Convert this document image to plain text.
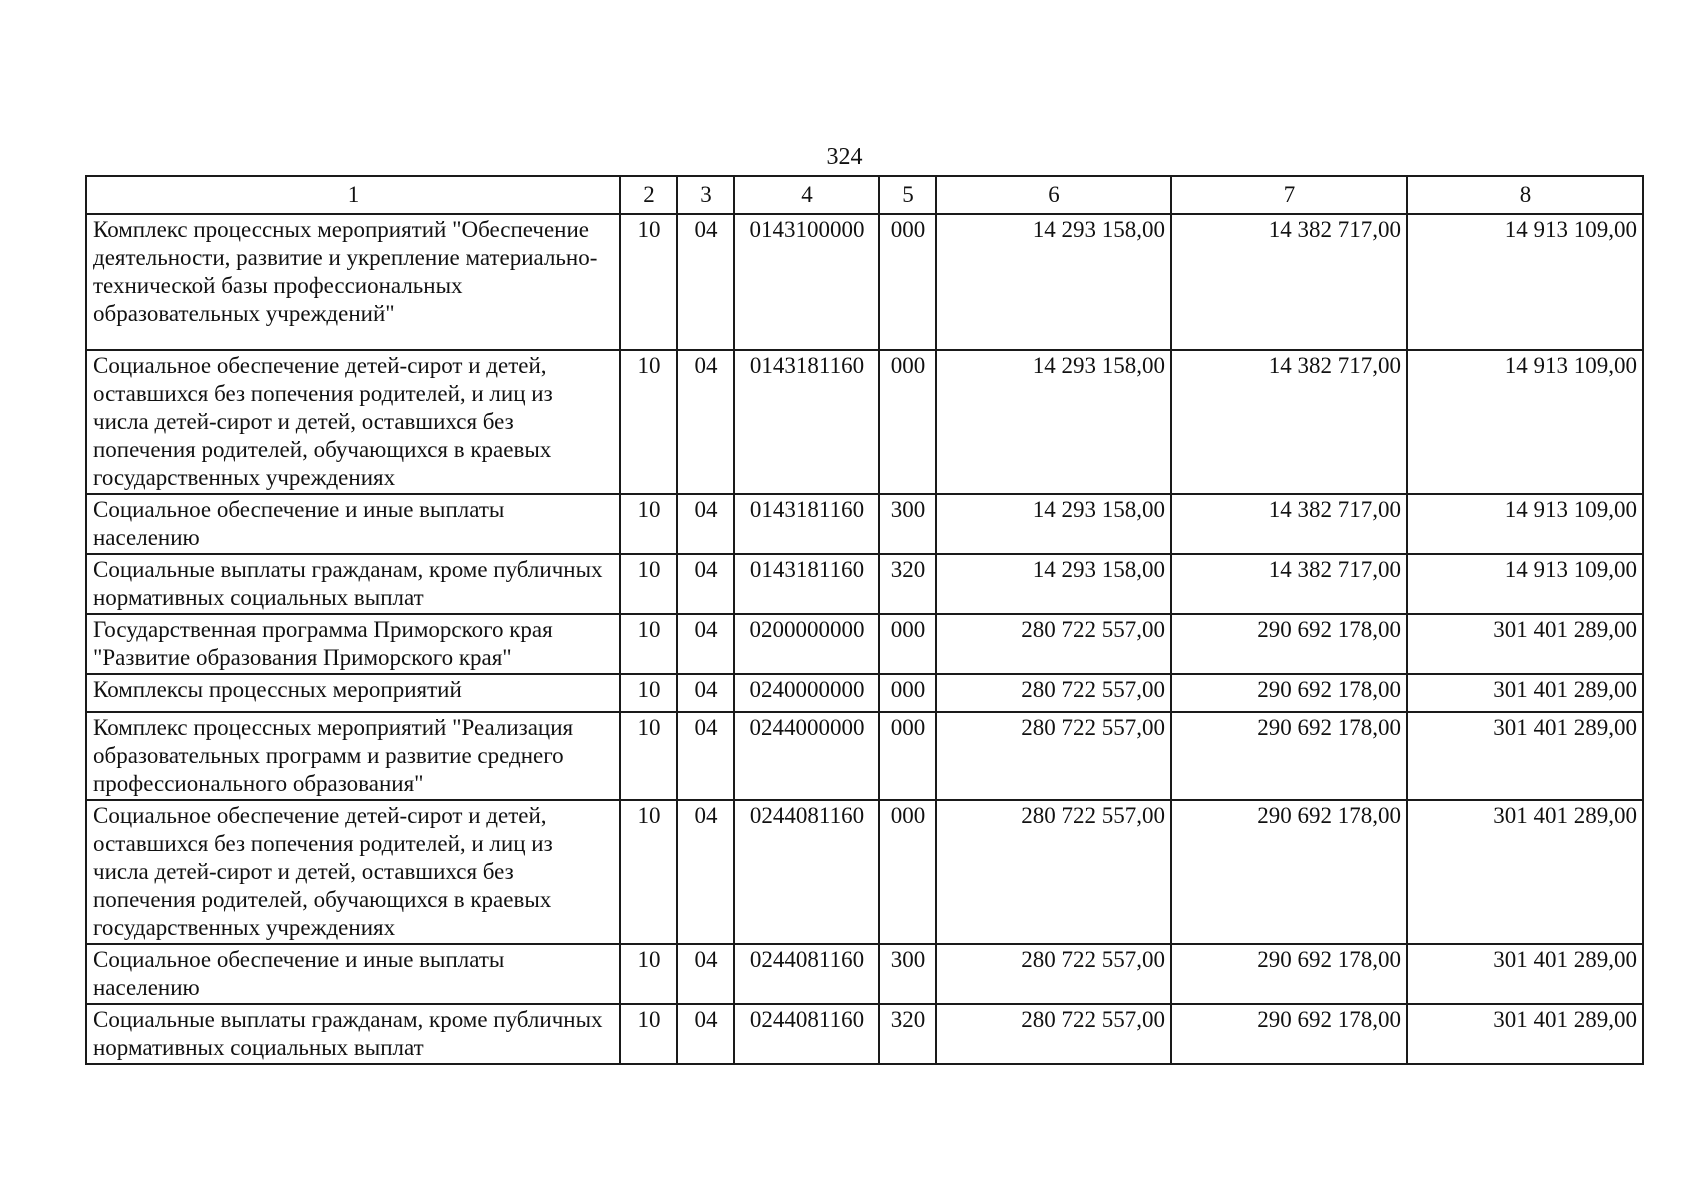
324
1	2	3	4	5	6	7	8
Комплекс процессных мероприятий "Обеспечение деятельности, развитие и укрепление материально-технической базы профессиональных образовательных учреждений"	10	04	0143100000	000	14 293 158,00	14 382 717,00	14 913 109,00
Социальное обеспечение детей-сирот и детей, оставшихся без попечения родителей, и лиц из числа детей-сирот и детей, оставшихся без попечения родителей, обучающихся в краевых государственных учреждениях	10	04	0143181160	000	14 293 158,00	14 382 717,00	14 913 109,00
Социальное обеспечение и иные выплаты населению	10	04	0143181160	300	14 293 158,00	14 382 717,00	14 913 109,00
Социальные выплаты гражданам, кроме публичных нормативных социальных выплат	10	04	0143181160	320	14 293 158,00	14 382 717,00	14 913 109,00
Государственная программа Приморского края "Развитие образования Приморского края"	10	04	0200000000	000	280 722 557,00	290 692 178,00	301 401 289,00
Комплексы процессных мероприятий	10	04	0240000000	000	280 722 557,00	290 692 178,00	301 401 289,00
Комплекс процессных мероприятий "Реализация образовательных программ и развитие среднего профессионального образования"	10	04	0244000000	000	280 722 557,00	290 692 178,00	301 401 289,00
Социальное обеспечение детей-сирот и детей, оставшихся без попечения родителей, и лиц из числа детей-сирот и детей, оставшихся без попечения родителей, обучающихся в краевых государственных учреждениях	10	04	0244081160	000	280 722 557,00	290 692 178,00	301 401 289,00
Социальное обеспечение и иные выплаты населению	10	04	0244081160	300	280 722 557,00	290 692 178,00	301 401 289,00
Социальные выплаты гражданам, кроме публичных нормативных социальных выплат	10	04	0244081160	320	280 722 557,00	290 692 178,00	301 401 289,00
